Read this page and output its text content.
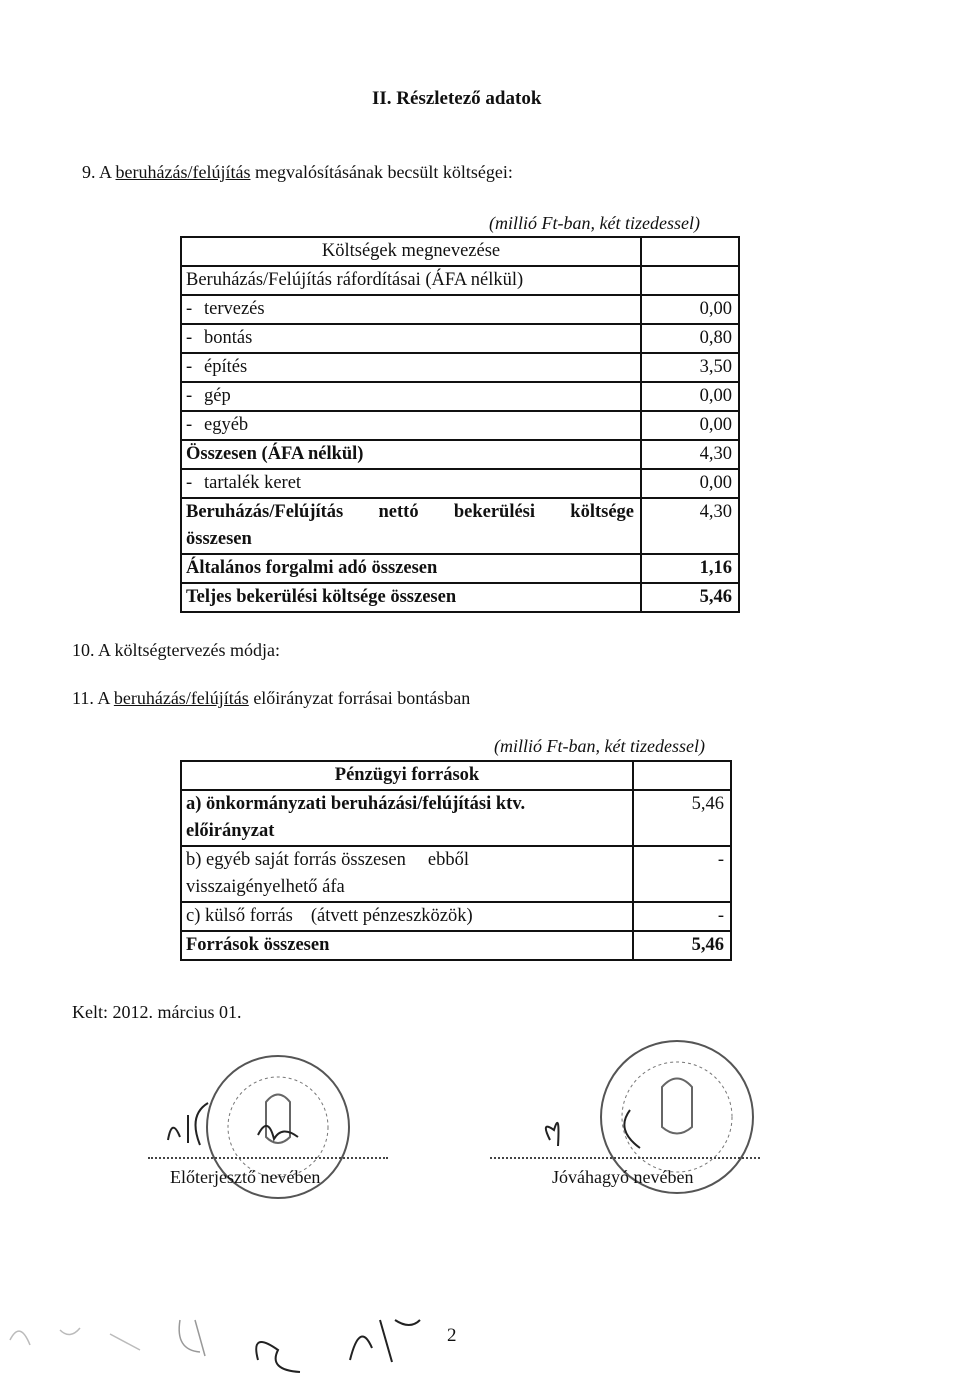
II. Részletező adatok
9. A beruházás/felújítás megvalósításának becsült költségei:
(millió Ft-ban, két tizedessel)
Költségek megnevezése	
Beruházás/Felújítás ráfordításai (ÁFA nélkül)	
- tervezés	0,00
- bontás	0,80
- építés	3,50
- gép	0,00
- egyéb	0,00
Összesen (ÁFA nélkül)	4,30
- tartalék keret	0,00

Beruházás/Felújítás nettó bekerülési költsége
összesen	4,30
Általános forgalmi adó összesen	1,16
Teljes bekerülési költsége összesen	5,46
10. A költségtervezés módja:
11. A beruházás/felújítás előirányzat forrásai bontásban
(millió Ft-ban, két tizedessel)
Pénzügyi források	

a) önkormányzati beruházási/felújítási ktv.
előirányzat	5,46

b) egyéb saját forrás összesen ebből
visszaigényelhető áfa	-

c) külső forrás (átvett pénzeszközök)	-
Források összesen	5,46
Kelt: 2012. március 01.
Előterjesztő nevében	Jóváhagyó nevében
2
